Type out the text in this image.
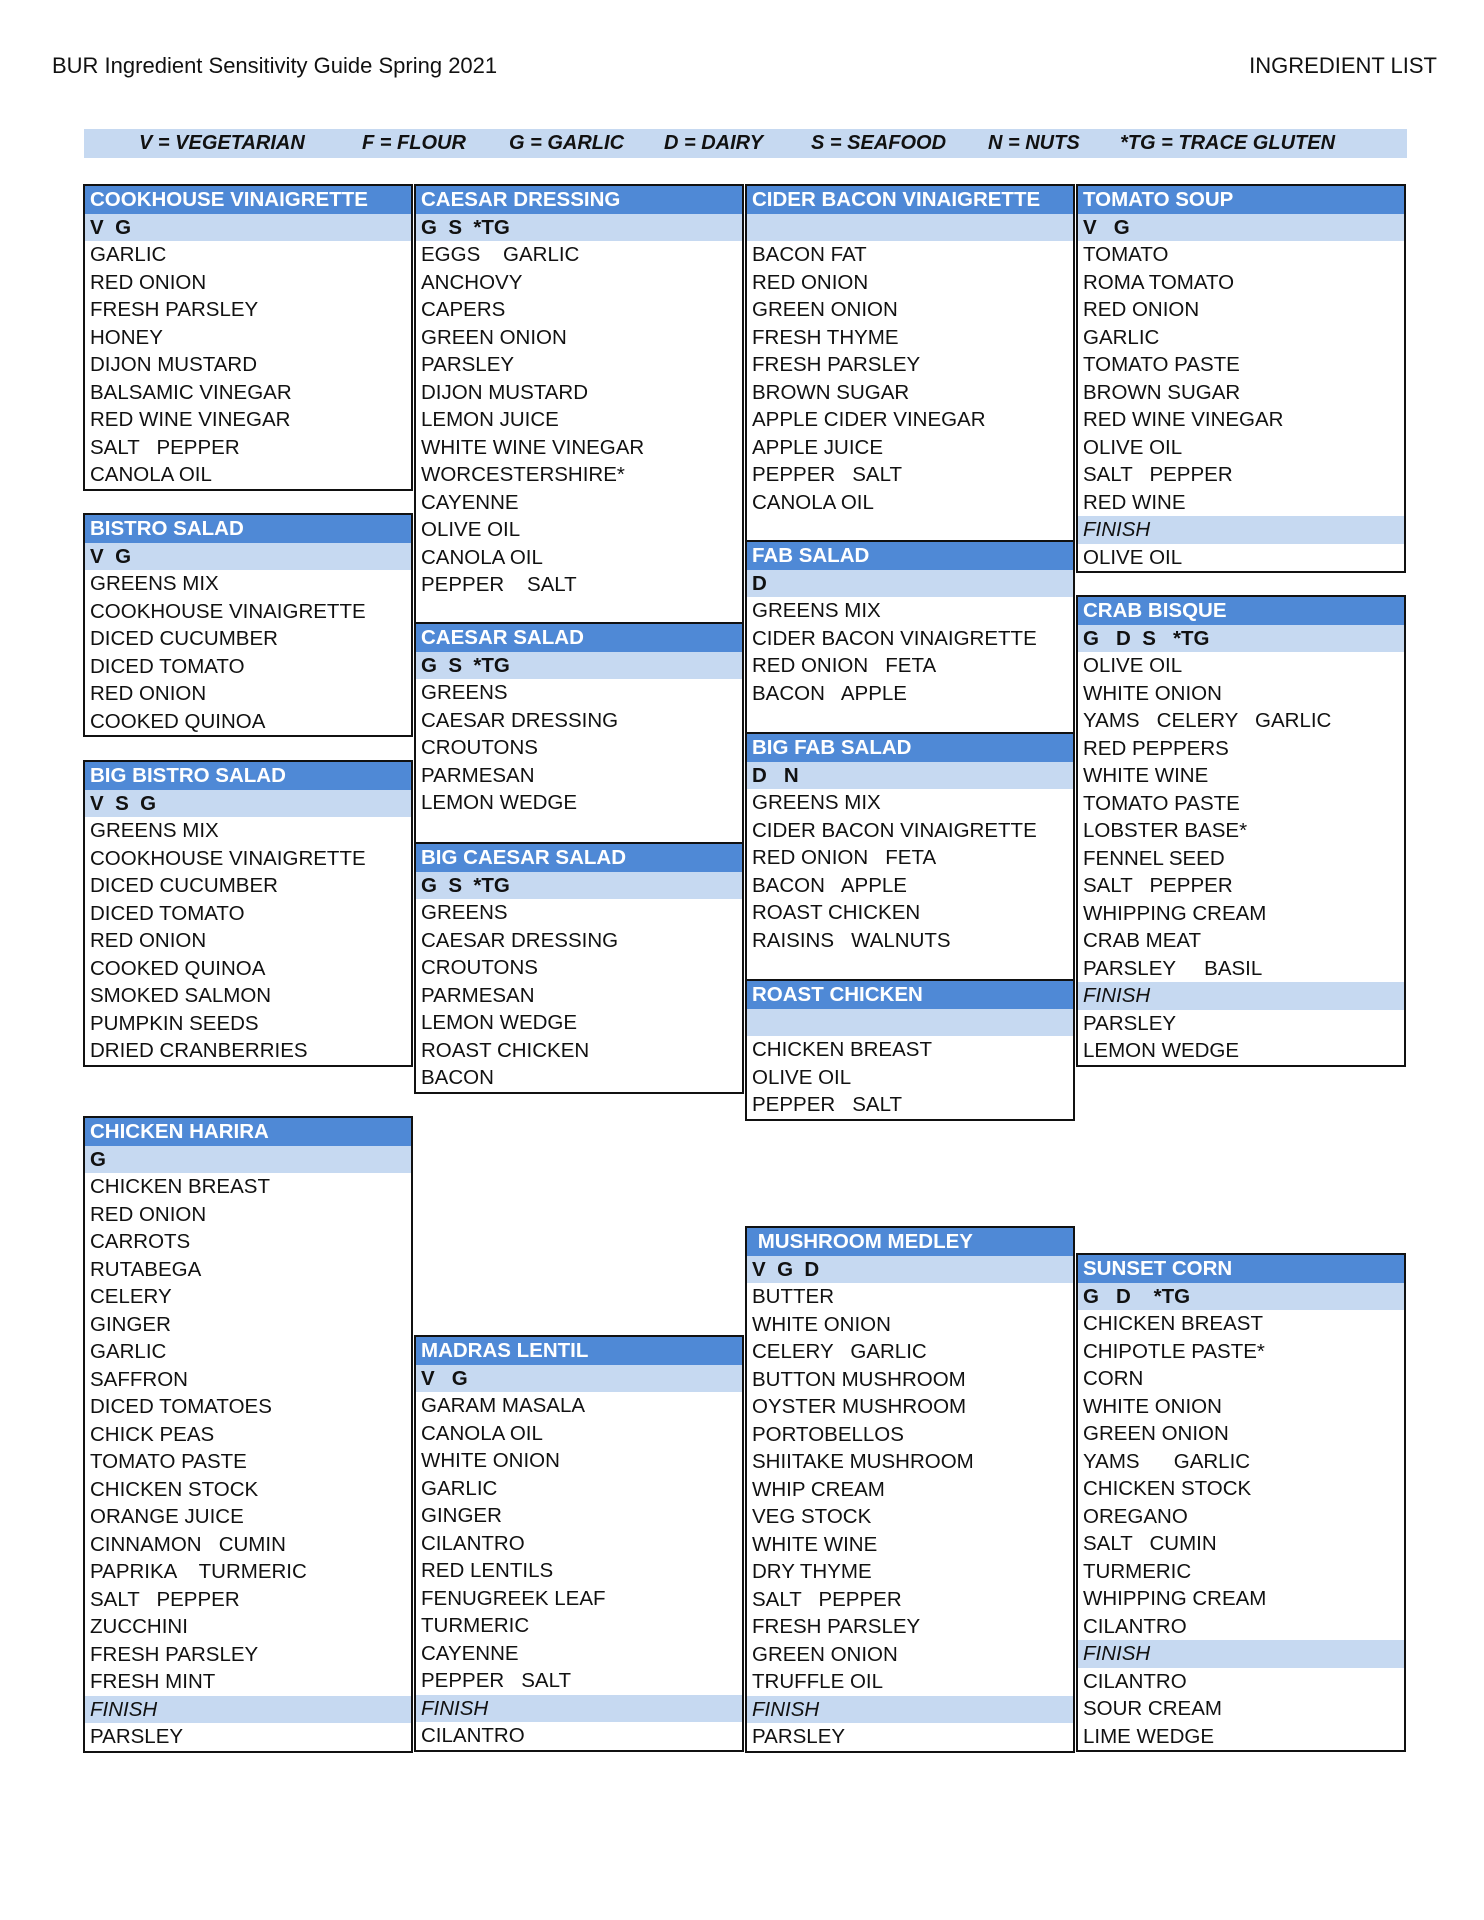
BUR Ingredient Sensitivity Guide Spring 2021	INGREDIENT LIST
V = VEGETARIAN	F = FLOUR G = GARLIC D = DAIRY S = SEAFOOD N = NUTS *TG = TRACE GLUTEN
COOKHOUSE VINAIGRETTE
V  G
GARLIC
RED ONION
FRESH PARSLEY
HONEY
DIJON MUSTARD
BALSAMIC VINEGAR
RED WINE VINEGAR
SALT   PEPPER
CANOLA OIL
BISTRO SALAD
V  G
GREENS MIX
COOKHOUSE VINAIGRETTE
DICED CUCUMBER
DICED TOMATO
RED ONION
COOKED QUINOA
BIG BISTRO SALAD
V  S  G
GREENS MIX
COOKHOUSE VINAIGRETTE
DICED CUCUMBER
DICED TOMATO
RED ONION
COOKED QUINOA
SMOKED SALMON
PUMPKIN SEEDS
DRIED CRANBERRIES
CHICKEN HARIRA
G
CHICKEN BREAST
RED ONION
CARROTS
RUTABEGA
CELERY
GINGER
GARLIC
SAFFRON
DICED TOMATOES
CHICK PEAS
TOMATO PASTE
CHICKEN STOCK
ORANGE JUICE
CINNAMON   CUMIN
PAPRIKA    TURMERIC
SALT   PEPPER
ZUCCHINI
FRESH PARSLEY
FRESH MINT
FINISH
PARSLEY
CAESAR DRESSING
G  S  *TG
EGGS    GARLIC
ANCHOVY
CAPERS
GREEN ONION
PARSLEY
DIJON MUSTARD
LEMON JUICE
WHITE WINE VINEGAR
WORCESTERSHIRE*
CAYENNE
OLIVE OIL
CANOLA OIL
PEPPER    SALT
CAESAR SALAD
G  S  *TG
GREENS
CAESAR DRESSING
CROUTONS
PARMESAN
LEMON WEDGE
BIG CAESAR SALAD
G  S  *TG
GREENS
CAESAR DRESSING
CROUTONS
PARMESAN
LEMON WEDGE
ROAST CHICKEN
BACON
MADRAS LENTIL
V   G
GARAM MASALA
CANOLA OIL
WHITE ONION
GARLIC
GINGER
CILANTRO
RED LENTILS
FENUGREEK LEAF
TURMERIC
CAYENNE
PEPPER   SALT
FINISH
CILANTRO
CIDER BACON VINAIGRETTE
BACON FAT
RED ONION
GREEN ONION
FRESH THYME
FRESH PARSLEY
BROWN SUGAR
APPLE CIDER VINEGAR
APPLE JUICE
PEPPER   SALT
CANOLA OIL
FAB SALAD
D
GREENS MIX
CIDER BACON VINAIGRETTE
RED ONION   FETA
BACON   APPLE
BIG FAB SALAD
D   N
GREENS MIX
CIDER BACON VINAIGRETTE
RED ONION   FETA
BACON   APPLE
ROAST CHICKEN
RAISINS   WALNUTS
ROAST CHICKEN
CHICKEN BREAST
OLIVE OIL
PEPPER   SALT
MUSHROOM MEDLEY
V  G  D
BUTTER
WHITE ONION
CELERY   GARLIC
BUTTON MUSHROOM
OYSTER MUSHROOM
PORTOBELLOS
SHIITAKE MUSHROOM
WHIP CREAM
VEG STOCK
WHITE WINE
DRY THYME
SALT   PEPPER
FRESH PARSLEY
GREEN ONION
TRUFFLE OIL
FINISH
PARSLEY
TOMATO SOUP
V   G
TOMATO
ROMA TOMATO
RED ONION
GARLIC
TOMATO PASTE
BROWN SUGAR
RED WINE VINEGAR
OLIVE OIL
SALT   PEPPER
RED WINE
FINISH
OLIVE OIL
CRAB BISQUE
G   D  S   *TG
OLIVE OIL
WHITE ONION
YAMS   CELERY   GARLIC
RED PEPPERS
WHITE WINE
TOMATO PASTE
LOBSTER BASE*
FENNEL SEED
SALT   PEPPER
WHIPPING CREAM
CRAB MEAT
PARSLEY     BASIL
FINISH
PARSLEY
LEMON WEDGE
SUNSET CORN
G   D    *TG
CHICKEN BREAST
CHIPOTLE PASTE*
CORN
WHITE ONION
GREEN ONION
YAMS      GARLIC
CHICKEN STOCK
OREGANO
SALT   CUMIN
TURMERIC
WHIPPING CREAM
CILANTRO
FINISH
CILANTRO
SOUR CREAM
LIME WEDGE
